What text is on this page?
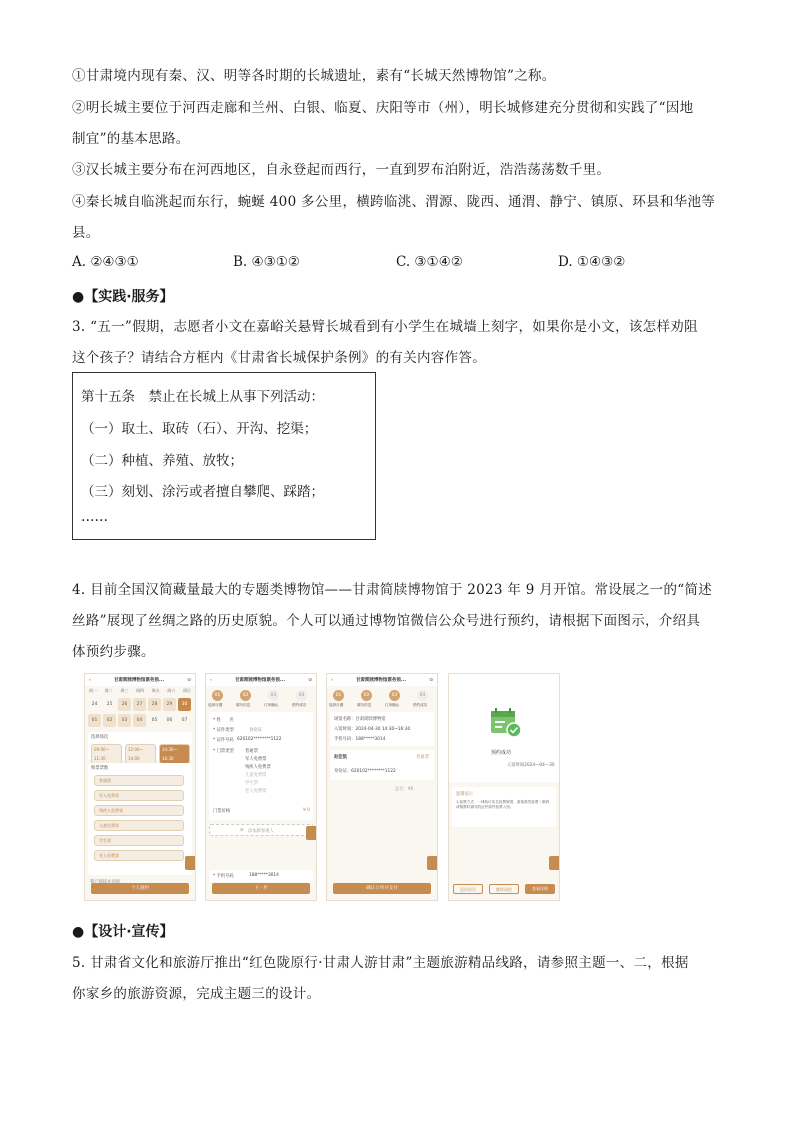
①甘肃境内现有秦、汉、明等各时期的长城遗址，素有“长城天然博物馆”之称。
②明长城主要位于河西走廊和兰州、白银、临夏、庆阳等市（州），明长城修建充分贯彻和实践了“因地
制宜”的基本思路。
③汉长城主要分布在河西地区，自永登起而西行，一直到罗布泊附近，浩浩荡荡数千里。
④秦长城自临洮起而东行，蜿蜒 400 多公里，横跨临洮、渭源、陇西、通渭、静宁、镇原、环县和华池等
县。
A. ②④③①	B. ④③①②	C. ③①④②	D. ①④③②
●【实践·服务】
3. “五一”假期，志愿者小文在嘉峪关悬臂长城看到有小学生在城墙上刻字，如果你是小文，该怎样劝阻
这个孩子？请结合方框内《甘肃省长城保护条例》的有关内容作答。
第十五条　禁止在长城上从事下列活动：
（一）取土、取砖（石）、开沟、挖渠；
（二）种植、养殖、放牧；
（三）刻划、涂污或者擅自攀爬、踩踏；
……
4. 目前全国汉简藏量最大的专题类博物馆——甘肃简牍博物馆于 2023 年 9 月开馆。常设展之一的“简述
丝路”展现了丝绸之路的历史原貌。个人可以通过博物馆微信公众号进行预约，请根据下面图示，介绍具
体预约步骤。
‹	甘肃简牍博物馆票务预...	⊙
周一 周二 周三 周四 周五 周六 周日
24	25	26	27	28	29	30
01	02	03	04	05	06	07
选择场次
09:00—11:30
12:00—14:00
14:30—16:30
购票票数
普通票
军人免费票
残疾人免费票
儿童免费票
学生票
老人免费票
个人预约
‹	甘肃简牍博物馆票务预...	⊙
01	02	03	04
选择日期	填写信息	订单确认	预约成功
* 姓　　名
* 证件类型	身份证
* 证件号码 620102********1122
* 门票类型	普通票
军人免费票
残疾人免费票
儿童免费票
学生票
老人免费票
门票价格	¥ 0
⊕ 添加新参观人
* 手机号码	188*****3014
下一步
‹	甘肃简牍博物馆票务预...	⊙
01	02	03	04
选择日期	填写信息	订单确认	预约成功
场馆名称：甘肃简牍博物馆
入馆时间：2024-04-30 14:30~16:30
手机号码：188*****3014
赵佳凯	普通票
身份证：620102********1122
总计：¥0
确认订单并支付
预约成功
入馆时间2024—04—30
温馨提示
1.检票方式：一律执行实名检票制度，游客需凭检票二维码或购票时填写的证件原件检票入馆。
返回首页	继续预约	查看详情
●【设计·宣传】
5. 甘肃省文化和旅游厅推出“红色陇原行·甘肃人游甘肃”主题旅游精品线路，请参照主题一、二，根据
你家乡的旅游资源，完成主题三的设计。
